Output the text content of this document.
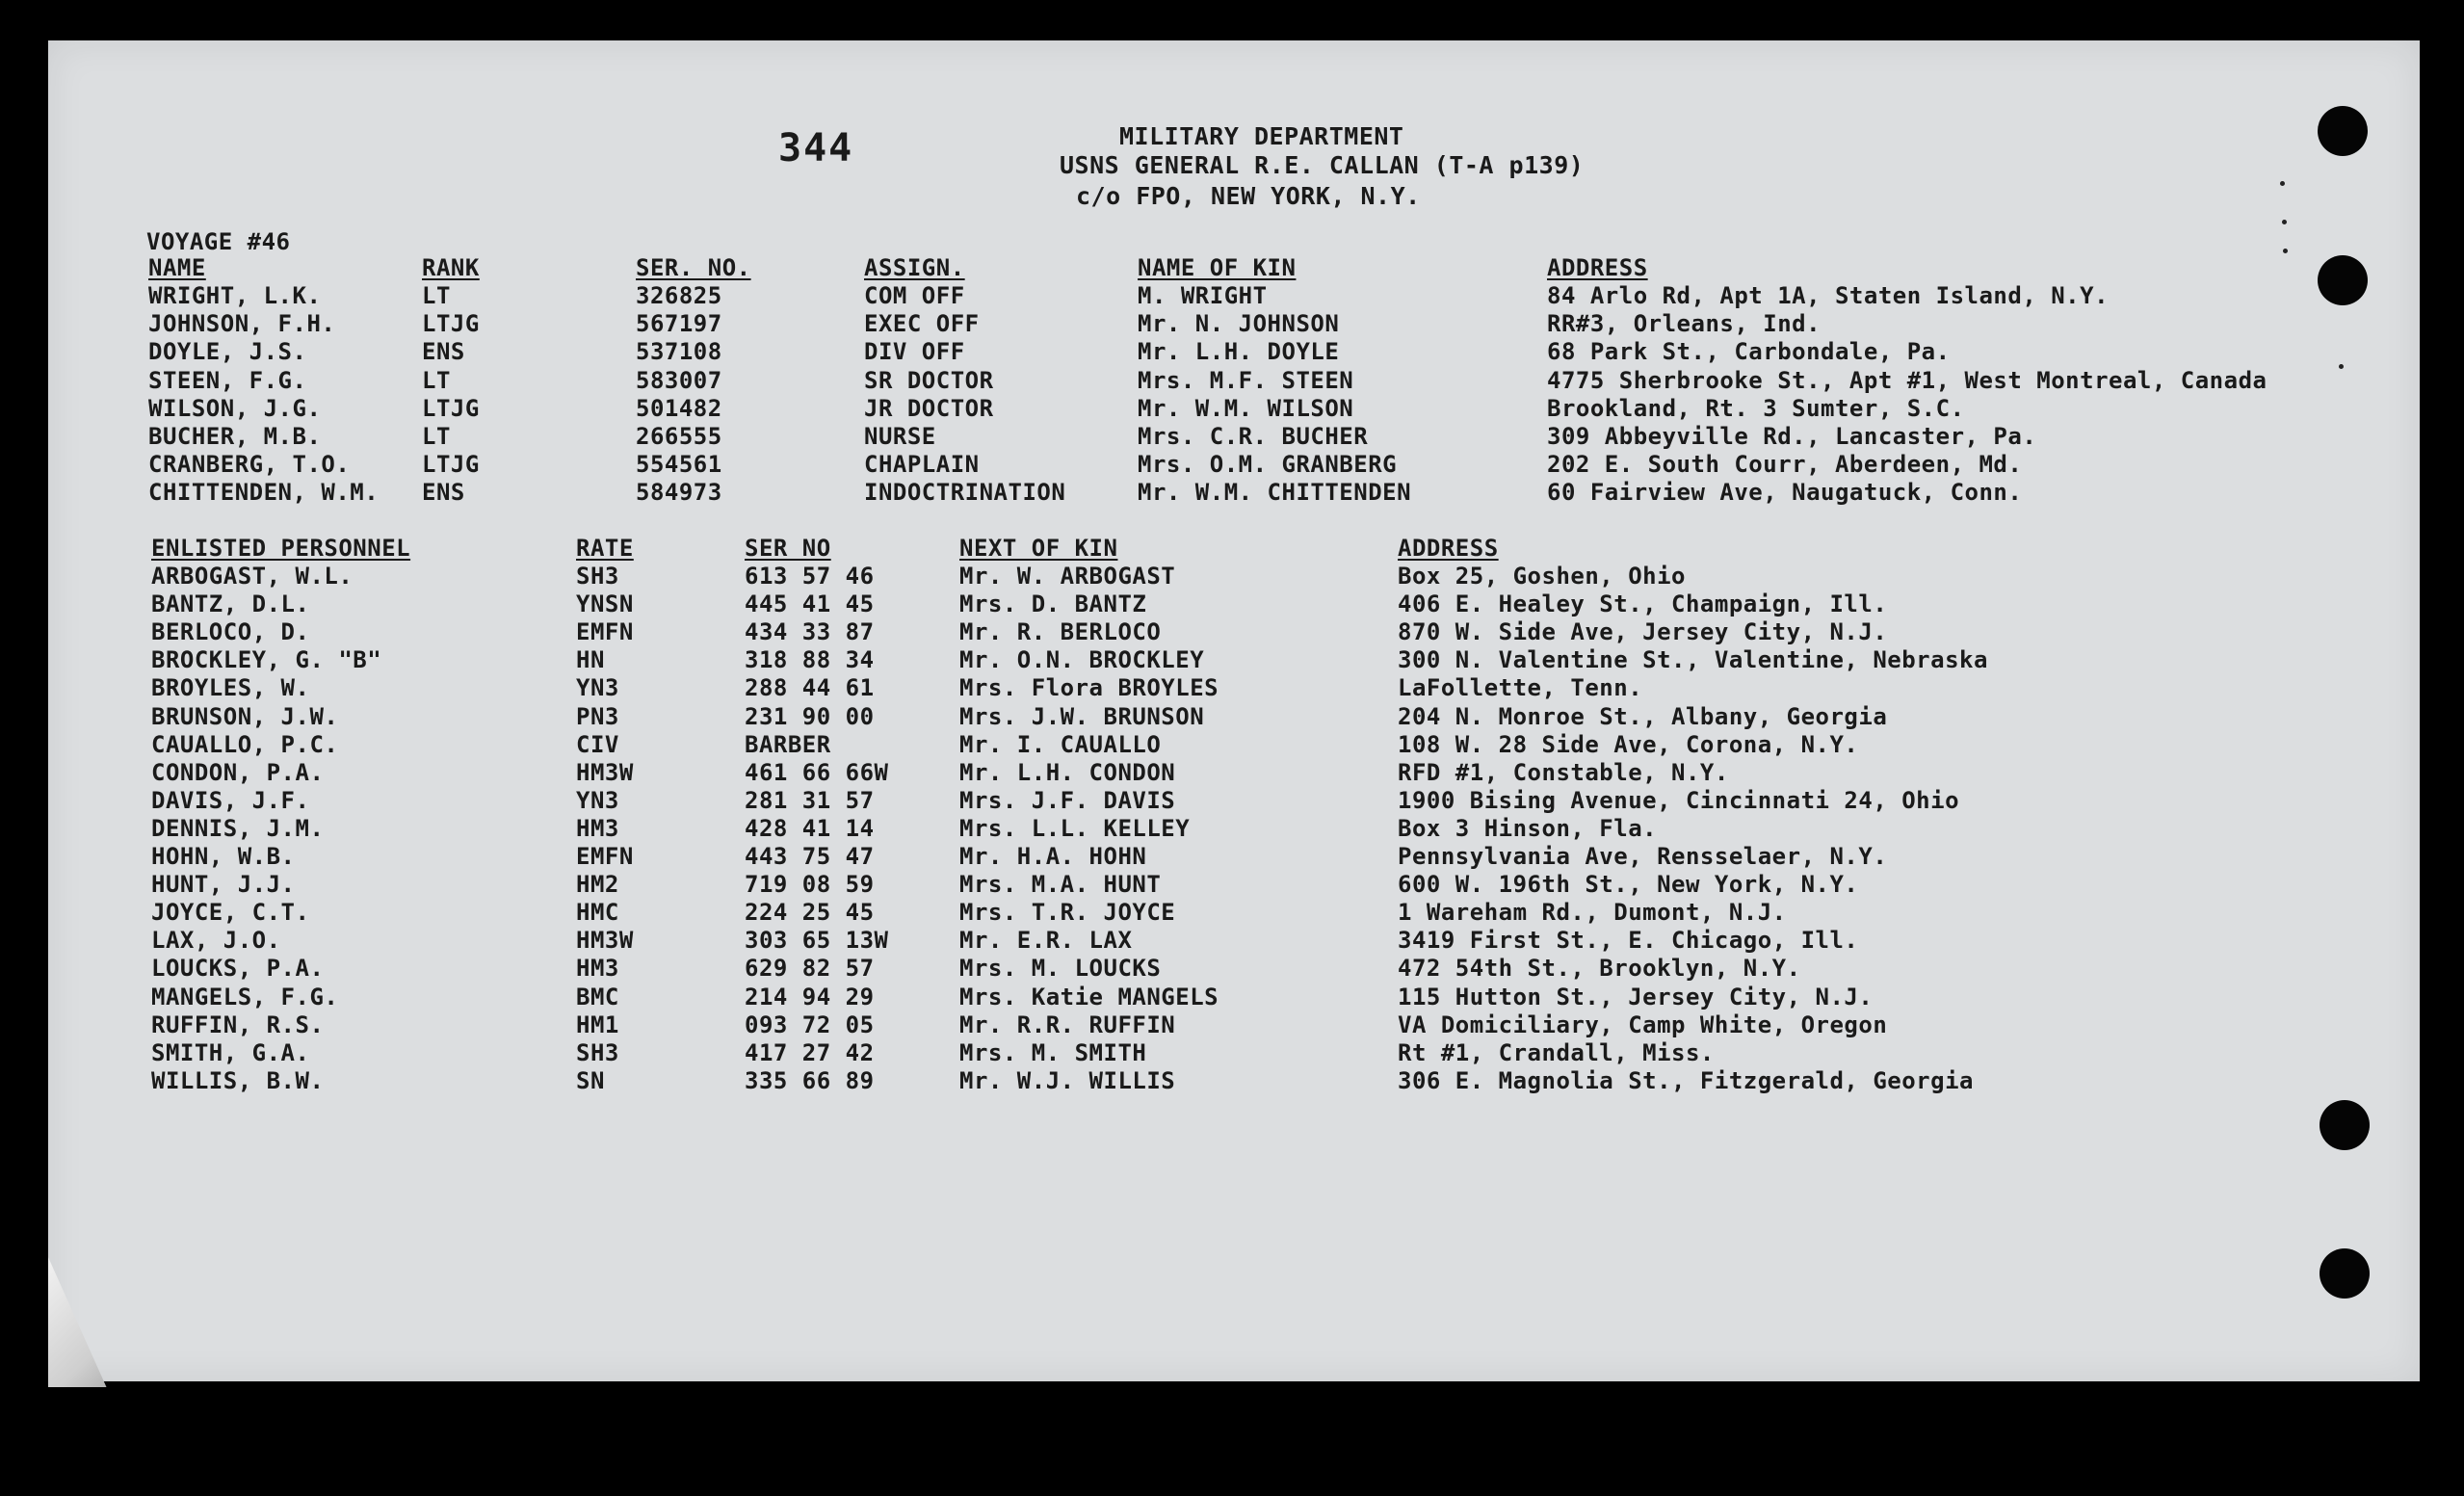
344	MILITARY DEPARTMENT
USNS GENERAL R.E. CALLAN (T-A p139)
c/o FPO, NEW YORK, N.Y.
VOYAGE #46
NAME	RANK	SER. NO.	ASSIGN.	NAME OF KIN	ADDRESS
WRIGHT, L.K.	LT	326825	COM OFF	M. WRIGHT	84 Arlo Rd, Apt 1A, Staten Island, N.Y.
JOHNSON, F.H.	LTJG	567197	EXEC OFF	Mr. N. JOHNSON	RR#3, Orleans, Ind.
DOYLE, J.S.	ENS	537108	DIV OFF	Mr. L.H. DOYLE	68 Park St., Carbondale, Pa.
STEEN, F.G.	LT	583007	SR DOCTOR	Mrs. M.F. STEEN	4775 Sherbrooke St., Apt #1, West Montreal, Canada
WILSON, J.G.	LTJG	501482	JR DOCTOR	Mr. W.M. WILSON	Brookland, Rt. 3 Sumter, S.C.
BUCHER, M.B.	LT	266555	NURSE	Mrs. C.R. BUCHER	309 Abbeyville Rd., Lancaster, Pa.
CRANBERG, T.O.	LTJG	554561	CHAPLAIN	Mrs. O.M. GRANBERG	202 E. South Courr, Aberdeen, Md.
CHITTENDEN, W.M. ENS	584973	INDOCTRINATION	Mr. W.M. CHITTENDEN	60 Fairview Ave, Naugatuck, Conn.
ENLISTED PERSONNEL	RATE	SER NO	NEXT OF KIN	ADDRESS
ARBOGAST, W.L.	SH3	613 57 46	Mr. W. ARBOGAST	Box 25, Goshen, Ohio
BANTZ, D.L.	YNSN	445 41 45	Mrs. D. BANTZ	406 E. Healey St., Champaign, Ill.
BERLOCO, D.	EMFN	434 33 87	Mr. R. BERLOCO	870 W. Side Ave, Jersey City, N.J.
BROCKLEY, G. "B"	HN	318 88 34	Mr. O.N. BROCKLEY	300 N. Valentine St., Valentine, Nebraska
BROYLES, W.	YN3	288 44 61	Mrs. Flora BROYLES	LaFollette, Tenn.
BRUNSON, J.W.	PN3	231 90 00	Mrs. J.W. BRUNSON	204 N. Monroe St., Albany, Georgia
CAUALLO, P.C.	CIV	BARBER	Mr. I. CAUALLO	108 W. 28 Side Ave, Corona, N.Y.
CONDON, P.A.	HM3W	461 66 66W	Mr. L.H. CONDON	RFD #1, Constable, N.Y.
DAVIS, J.F.	YN3	281 31 57	Mrs. J.F. DAVIS	1900 Bising Avenue, Cincinnati 24, Ohio
DENNIS, J.M.	HM3	428 41 14	Mrs. L.L. KELLEY	Box 3 Hinson, Fla.
HOHN, W.B.	EMFN	443 75 47	Mr. H.A. HOHN	Pennsylvania Ave, Rensselaer, N.Y.
HUNT, J.J.	HM2	719 08 59	Mrs. M.A. HUNT	600 W. 196th St., New York, N.Y.
JOYCE, C.T.	HMC	224 25 45	Mrs. T.R. JOYCE	1 Wareham Rd., Dumont, N.J.
LAX, J.O.	HM3W	303 65 13W	Mr. E.R. LAX	3419 First St., E. Chicago, Ill.
LOUCKS, P.A.	HM3	629 82 57	Mrs. M. LOUCKS	472 54th St., Brooklyn, N.Y.
MANGELS, F.G.	BMC	214 94 29	Mrs. Katie MANGELS	115 Hutton St., Jersey City, N.J.
RUFFIN, R.S.	HM1	093 72 05	Mr. R.R. RUFFIN	VA Domiciliary, Camp White, Oregon
SMITH, G.A.	SH3	417 27 42	Mrs. M. SMITH	Rt #1, Crandall, Miss.
WILLIS, B.W.	SN	335 66 89	Mr. W.J. WILLIS	306 E. Magnolia St., Fitzgerald, Georgia
